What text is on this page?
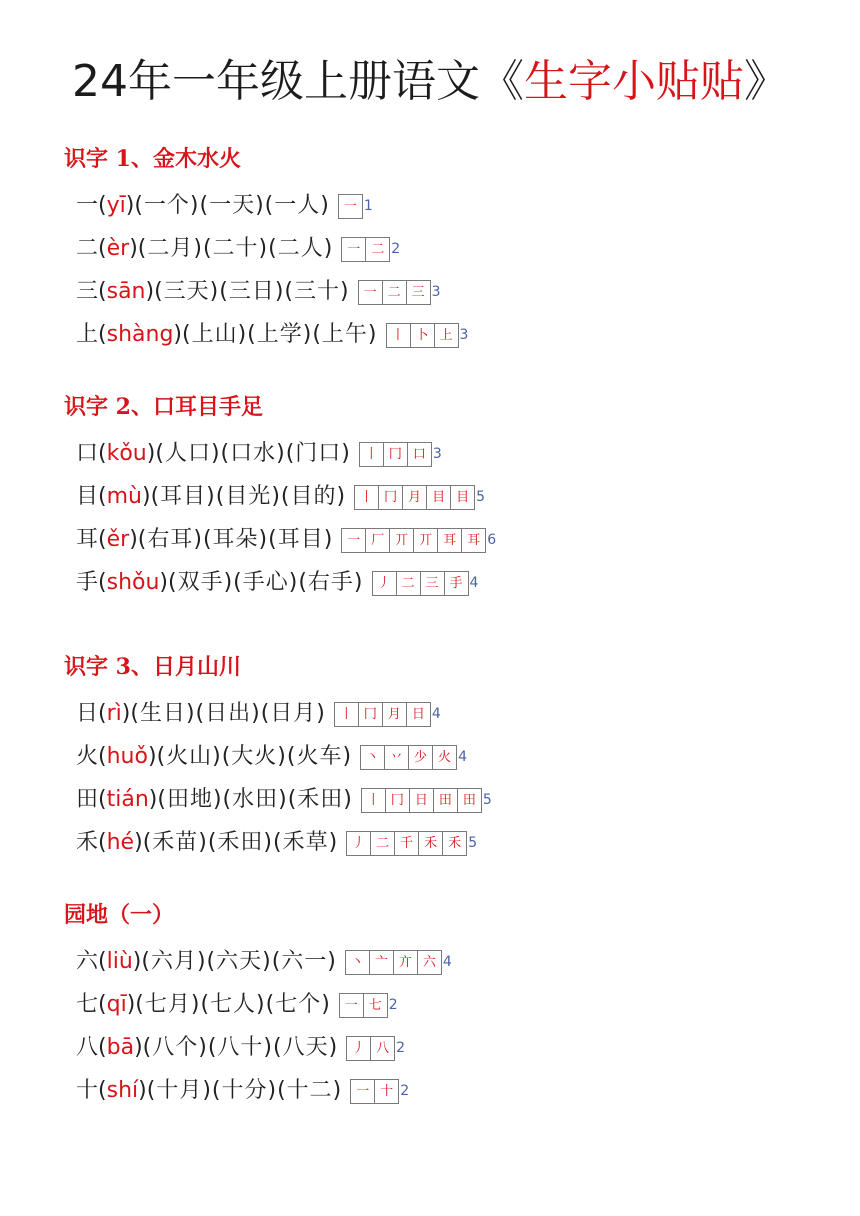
24年一年级上册语文《生字小贴贴》
识字 1、金木水火
一 ( yī ) (一个)(一天)(一人)	一 1
二 ( èr ) (二月)(二十)(二人)	一 二 2
三 ( sān ) (三天)(三日)(三十)	一 二 三 3
上 ( shàng ) (上山)(上学)(上午)	丨 卜 上 3
识字 2、口耳目手足
口 ( kǒu ) (人口)(口水)(门口)	丨 冂 口 3
目 ( mù ) (耳目)(目光)(目的)	丨 冂 月 目 目 5
耳 ( ěr ) (右耳)(耳朵)(耳目)	一 厂 丌 丌 耳 耳 6
手 ( shǒu ) (双手)(手心)(右手)	丿 二 三 手 4
识字 3、日月山川
日 ( rì ) (生日)(日出)(日月)	丨 冂 月 日 4
火 ( huǒ ) (火山)(大火)(火车)	丶 丷 少 火 4
田 ( tián ) (田地)(水田)(禾田)	丨 冂 日 田 田 5
禾 ( hé ) (禾苗)(禾田)(禾草)	丿 二 千 禾 禾 5
园地（一）
六 ( liù ) (六月)(六天)(六一)	丶 亠 亣 六 4
七 ( qī ) (七月)(七人)(七个)	一 七 2
八 ( bā ) (八个)(八十)(八天)	丿 八 2
十 ( shí ) (十月)(十分)(十二)	一 十 2
